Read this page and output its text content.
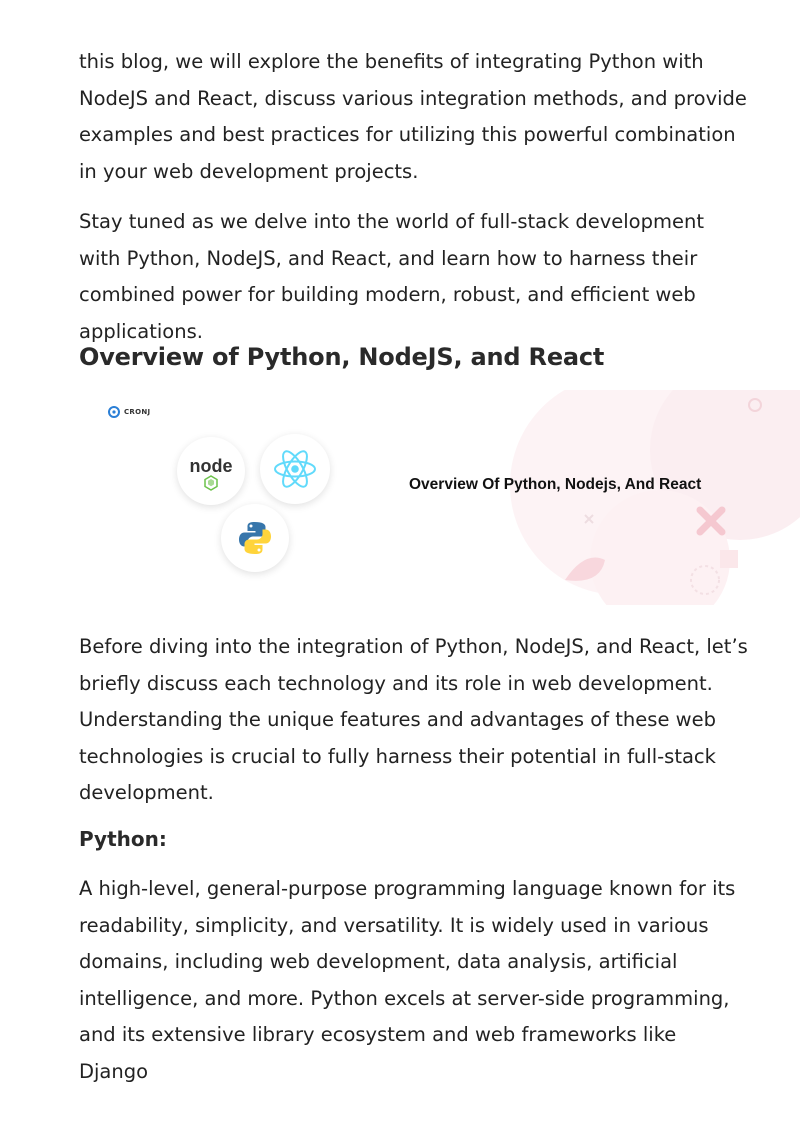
this blog, we will explore the benefits of integrating Python with NodeJS and React, discuss various integration methods, and provide examples and best practices for utilizing this powerful combination in your web development projects.

Stay tuned as we delve into the world of full-stack development with Python, NodeJS, and React, and learn how to harness their combined power for building modern, robust, and efficient web applications.

Overview of Python, NodeJS, and React
CRONJ
node
Overview Of Python, Nodejs, And React

Before diving into the integration of Python, NodeJS, and React, let’s briefly discuss each technology and its role in web development. Understanding the unique features and advantages of these web technologies is crucial to fully harness their potential in full-stack development.

Python:

A high-level, general-purpose programming language known for its readability, simplicity, and versatility. It is widely used in various domains, including web development, data analysis, artificial intelligence, and more. Python excels at server-side programming, and its extensive library ecosystem and web frameworks like Django
